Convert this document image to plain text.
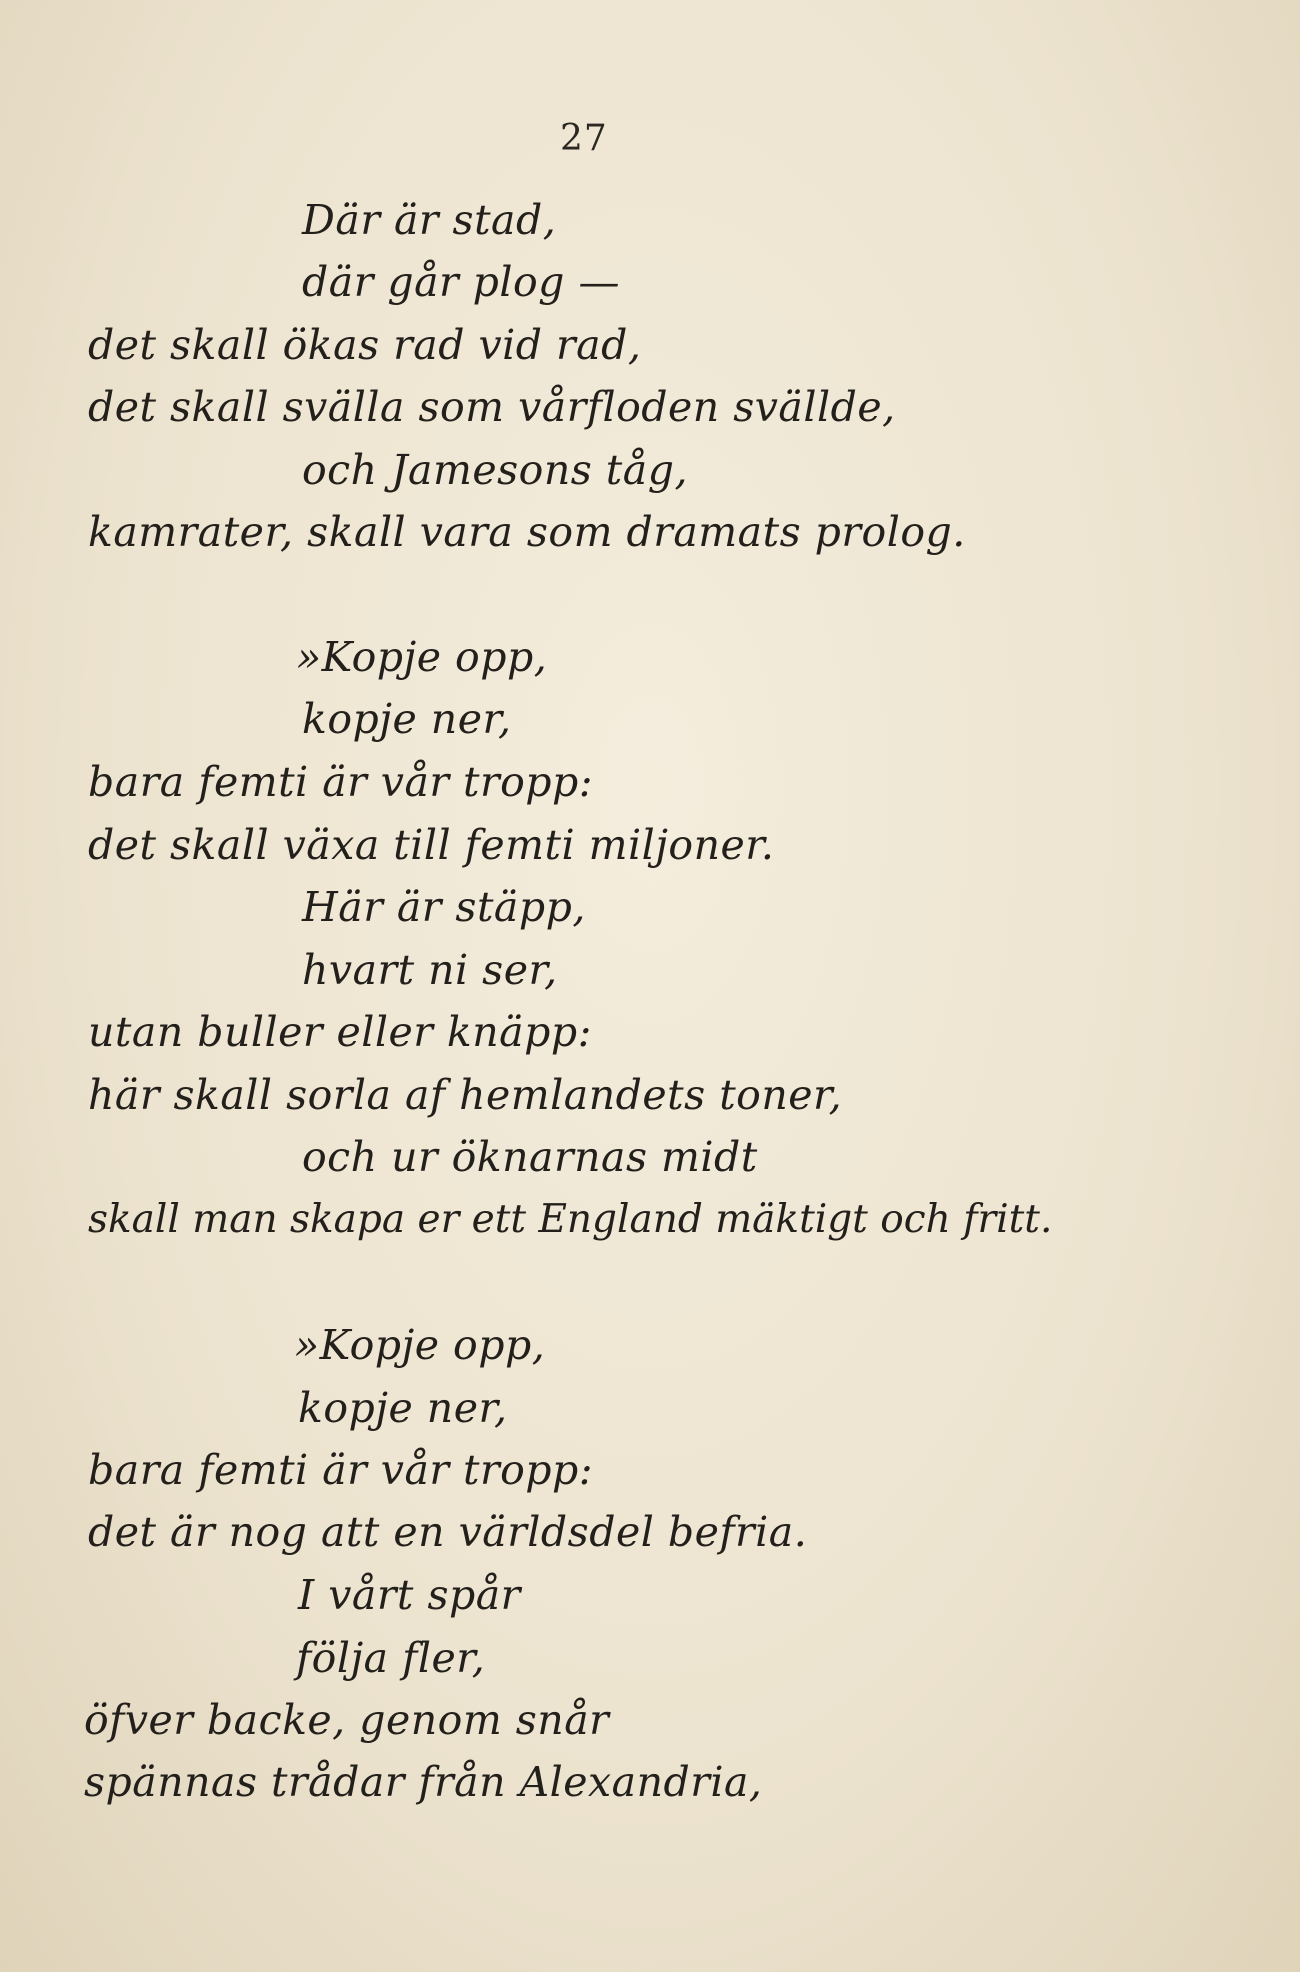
27
Där är stad,
där går plog —
det skall ökas rad vid rad,
det skall svälla som vårfloden svällde,
och Jamesons tåg,
kamrater, skall vara som dramats prolog.
»Kopje opp,
kopje ner,
bara femti är vår tropp:
det skall växa till femti miljoner.
Här är stäpp,
hvart ni ser,
utan buller eller knäpp:
här skall sorla af hemlandets toner,
och ur öknarnas midt
skall man skapa er ett England mäktigt och fritt.
»Kopje opp,
kopje ner,
bara femti är vår tropp:
det är nog att en världsdel befria.
I vårt spår
följa fler,
öfver backe, genom snår
spännas trådar från Alexandria,
